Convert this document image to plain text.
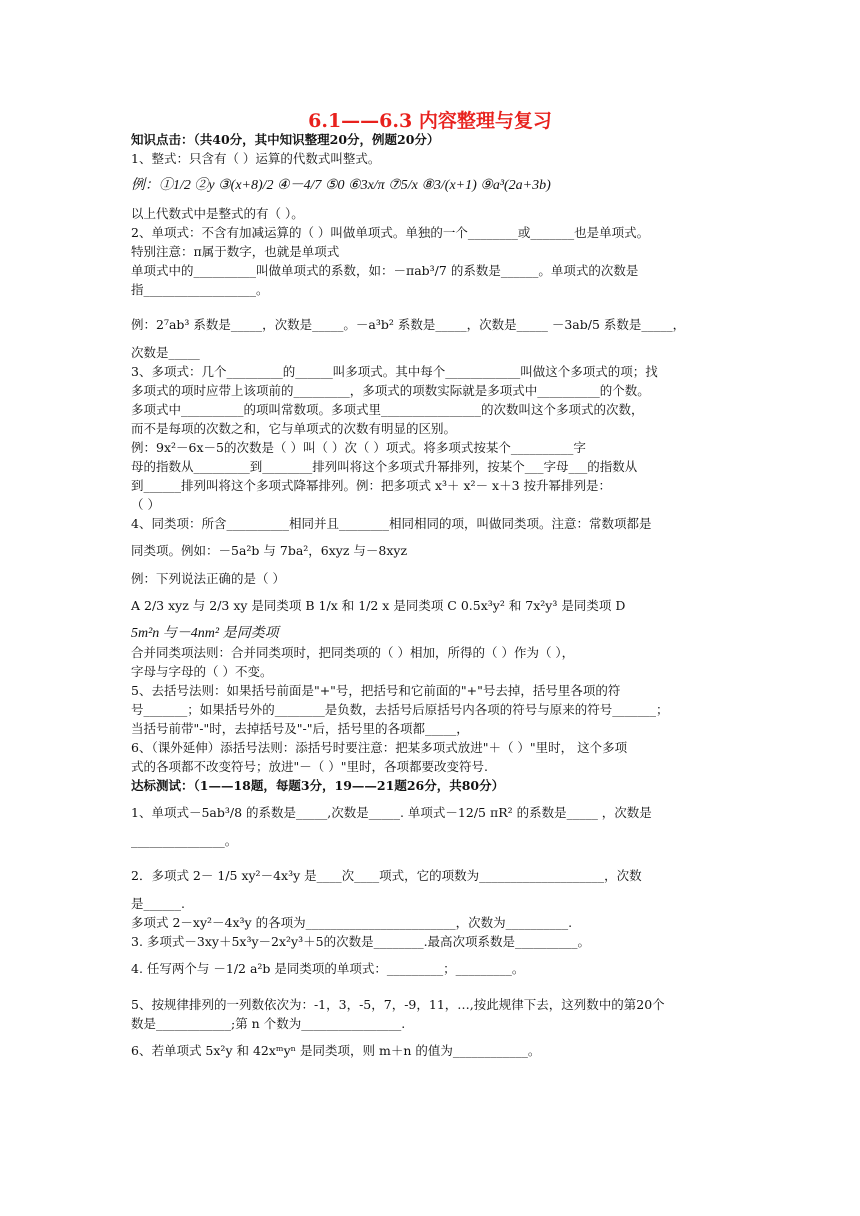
6.1——6.3 内容整理与复习
知识点击：（共40分，其中知识整理20分，例题20分）
1、整式：只含有（ ）运算的代数式叫整式。
例：①1/2 ②y ③(x+8)/2 ④－4/7 ⑤0 ⑥3x/π ⑦5/x ⑧3/(x+1) ⑨a³(2a+3b)
以上代数式中是整式的有（ ）。
2、单项式：不含有加减运算的（ ）叫做单项式。单独的一个________或_______也是单项式。
特别注意：π属于数字，也就是单项式
单项式中的__________叫做单项式的系数，如：－πab³/7 的系数是______。单项式的次数是
指__________________。
例：2⁷ab³ 系数是_____，次数是_____。－a³b² 系数是_____，次数是_____ －3ab/5 系数是_____，
次数是_____
3、多项式：几个_________的______叫多项式。其中每个____________叫做这个多项式的项；找
多项式的项时应带上该项前的_________，多项式的项数实际就是多项式中__________的个数。
多项式中__________的项叫常数项。多项式里________________的次数叫这个多项式的次数，
而不是每项的次数之和，它与单项式的次数有明显的区别。
例：9x²－6x－5的次数是（ ）叫（ ）次（ ）项式。将多项式按某个__________字
母的指数从_________到________排列叫将这个多项式升幂排列，按某个___字母___的指数从
到______排列叫将这个多项式降幂排列。例：把多项式 x³＋ x²－ x＋3 按升幂排列是：
（ ）
4、同类项：所含__________相同并且________相同相同的项，叫做同类项。注意：常数项都是
同类项。例如：－5a²b 与 7ba²，6xyz 与－8xyz
例：下列说法正确的是（ ）
A 2/3 xyz 与 2/3 xy 是同类项 B 1/x 和 1/2 x 是同类项 C 0.5x³y² 和 7x²y³ 是同类项 D
5m²n 与－4nm² 是同类项
合并同类项法则：合并同类项时，把同类项的（ ）相加，所得的（ ）作为（ ），
字母与字母的（ ）不变。
5、去括号法则：如果括号前面是"+"号，把括号和它前面的"+"号去掉，括号里各项的符
号_______；如果括号外的________是负数，去括号后原括号内各项的符号与原来的符号_______；
当括号前带"-"时，去掉括号及"-"后，括号里的各项都_____，
6、（课外延伸）添括号法则：添括号时要注意：把某多项式放进"＋（ ）"里时， 这个多项
式的各项都不改变符号；放进"－（ ）"里时，各项都要改变符号.
达标测试：（1——18题，每题3分，19——21题26分，共80分）
1、单项式－5ab³/8 的系数是_____,次数是_____. 单项式－12/5 πR² 的系数是_____ ，次数是
_______________。
2．多项式 2－ 1/5 xy²－4x³y 是____次____项式，它的项数为____________________，次数
是______.
多项式 2－xy²－4x³y 的各项为________________________，次数为__________.
3. 多项式－3xy＋5x³y－2x²y³＋5的次数是________.最高次项系数是__________。
4. 任写两个与 －1/2 a²b 是同类项的单项式：_________；_________。
5、按规律排列的一列数依次为：-1，3，-5，7，-9，11，…,按此规律下去，这列数中的第20个
数是____________;第 n 个数为________________.
6、若单项式 5x²y 和 42xᵐyⁿ 是同类项，则 m＋n 的值为____________。
